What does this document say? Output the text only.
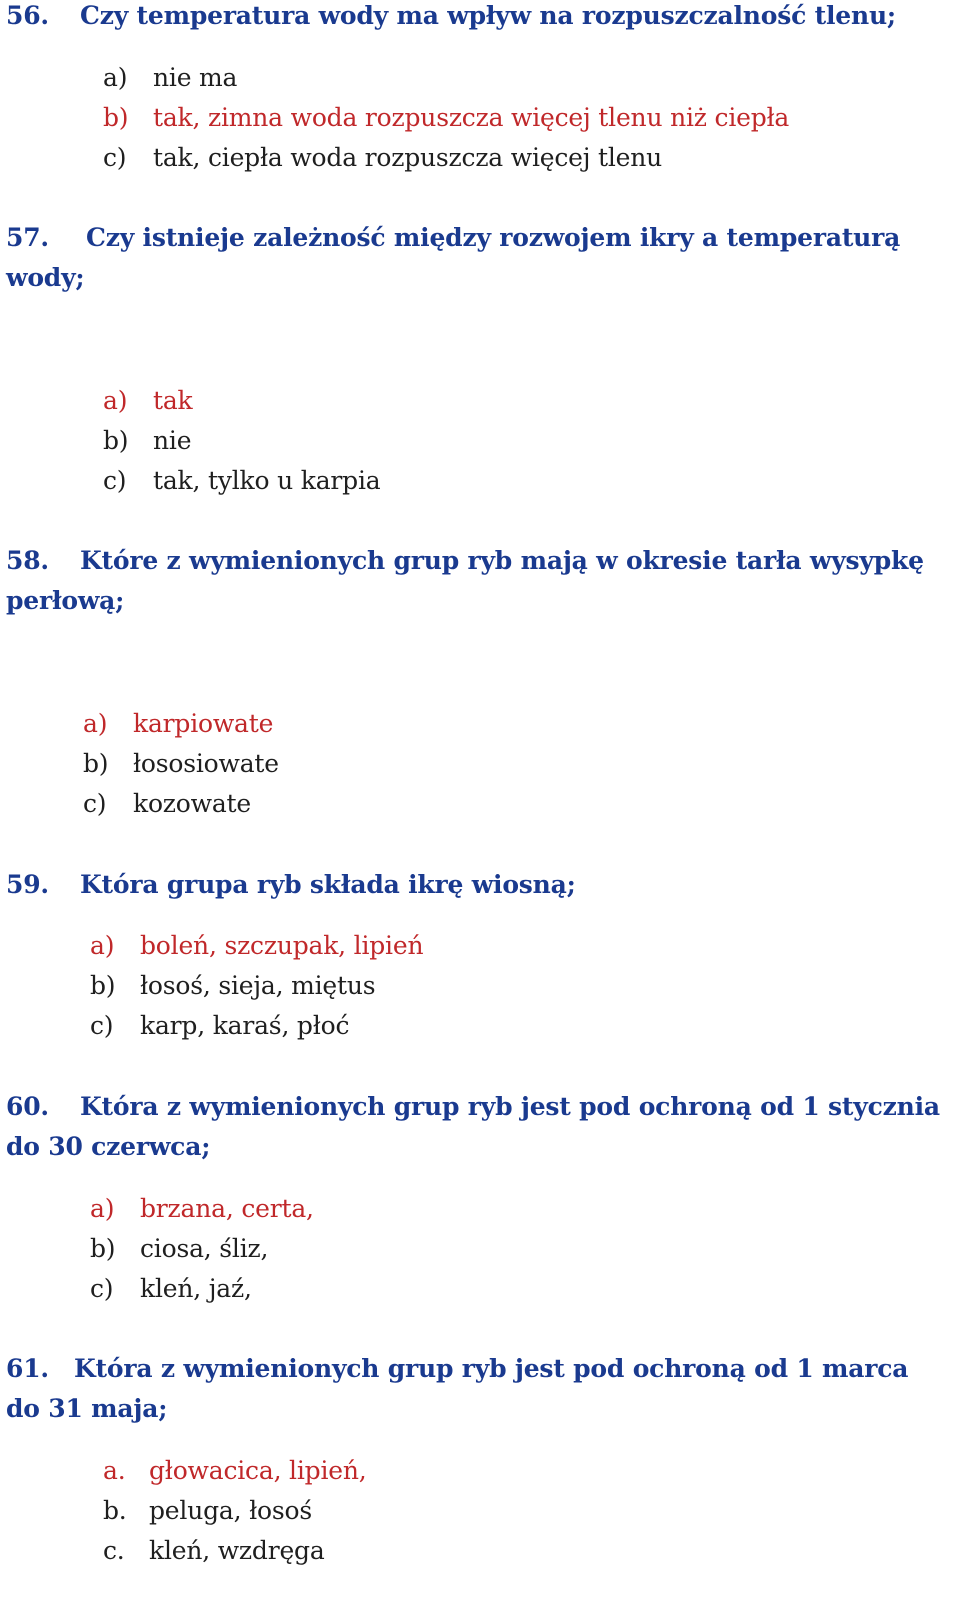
56. Czy temperatura wody ma wpływ na rozpuszczalność tlenu;
a) nie ma
b) tak, zimna woda rozpuszcza więcej tlenu niż ciepła
c) tak, ciepła woda rozpuszcza więcej tlenu
57. Czy istnieje zależność między rozwojem ikry a temperaturą wody;
a) tak
b) nie
c) tak, tylko u karpia
58. Które z wymienionych grup ryb mają w okresie tarła wysypkę perłową;
a) karpiowate
b) łososiowate
c) kozowate
59. Która grupa ryb składa ikrę wiosną;
a) boleń, szczupak, lipień
b) łosoś, sieja, miętus
c) karp, karaś, płoć
60. Która z wymienionych grup ryb jest pod ochroną od 1 stycznia do 30 czerwca;
a) brzana, certa,
b) ciosa, śliz,
c) kleń, jaź,
61. Która z wymienionych grup ryb jest pod ochroną od 1 marca do 31 maja;
a. głowacica, lipień,
b. peluga, łosoś
c. kleń, wzdręga
